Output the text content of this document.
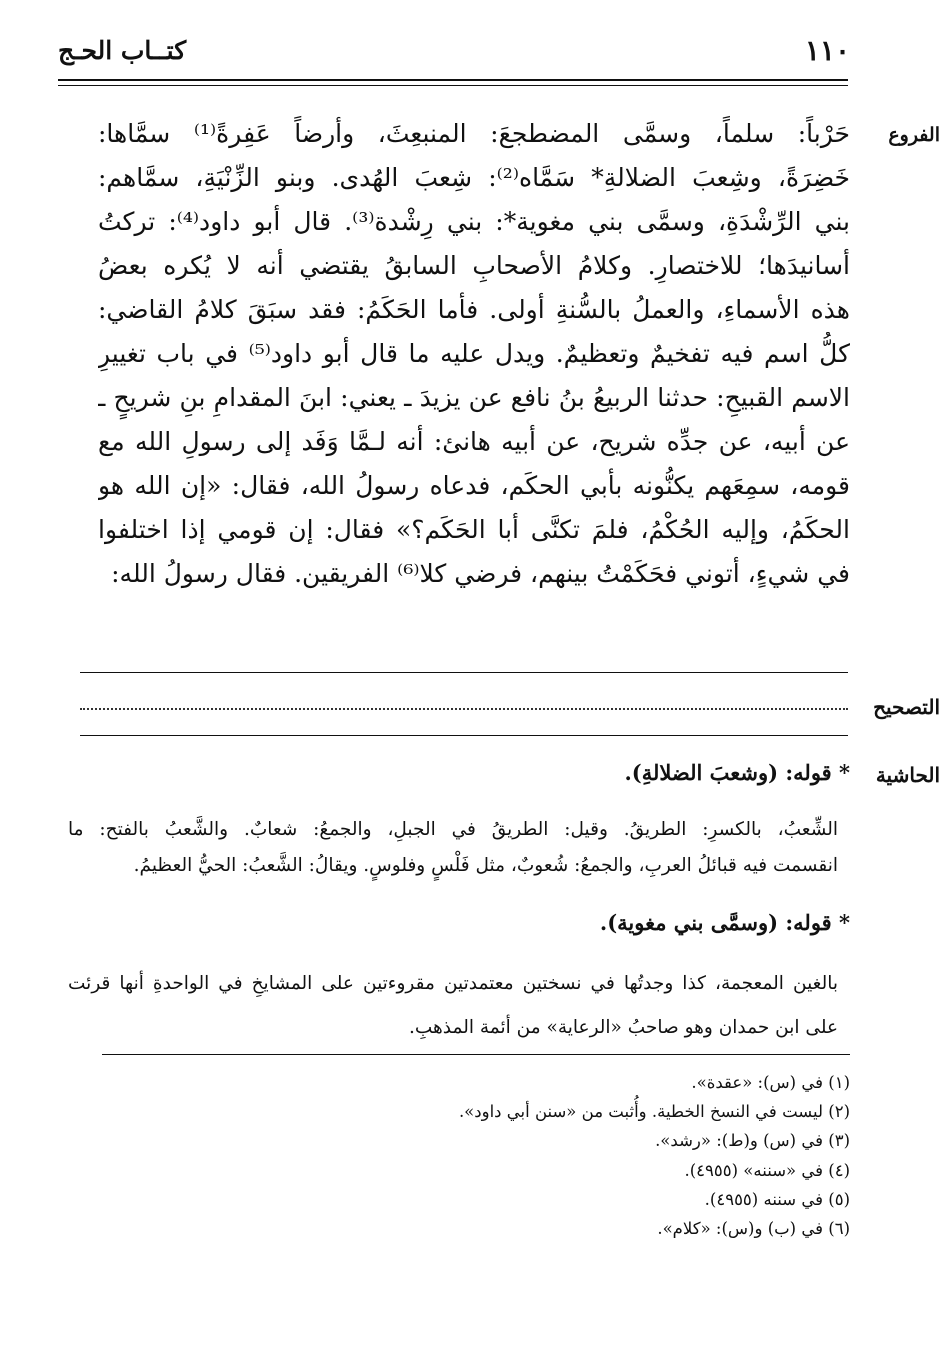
١١٠
كتــاب الحـج
الفروع
حَرْباً: سلماً، وسمَّى المضطجعَ: المنبعِثَ، وأرضاً عَفِرةً⁽¹⁾ سمَّاها:
خَضِرَةً، وشِعبَ الضلالةِ* سَمَّاه⁽²⁾: شِعبَ الهُدى. وبنو الزِّنْيَةِ، سمَّاهم:
بني الرِّشْدَةِ، وسمَّى بني مغوية*: بني رِشْدة⁽³⁾. قال أبو داود⁽⁴⁾: تركتُ
أسانيدَها؛ للاختصارِ. وكلامُ الأصحابِ السابقُ يقتضي أنه لا يُكره بعضُ
هذه الأسماءِ، والعملُ بالسُّنةِ أولى. فأما الحَكَمُ: فقد سبَقَ كلامُ القاضي:
كلُّ اسم فيه تفخيمٌ وتعظيمٌ. ويدل عليه ما قال أبو داود⁽⁵⁾ في باب تغييرِ
الاسم القبيحِ: حدثنا الربيعُ بنُ نافع عن يزيدَ ـ يعني: ابنَ المقدامِ بنِ شريحٍ ـ
عن أبيه، عن جدِّه شريح، عن أبيه هانئ: أنه لـمَّا وَفَد إلى رسولِ الله مع
قومه، سمِعَهم يكنُّونه بأبي الحكَم، فدعاه رسولُ الله، فقال: «إن الله هو
الحكَمُ، وإليه الحُكْمُ، فلمَ تكنَّى أبا الحَكَم؟» فقال: إن قومي إذا اختلفوا
في شيءٍ، أتوني فحَكَمْتُ بينهم، فرضي كلا⁽⁶⁾ الفريقين. فقال رسولُ الله:
التصحيح
الحاشية
* قوله: (وشعبَ الضلالةِ).
الشِّعبُ، بالكسرِ: الطريقُ. وقيل: الطريقُ في الجبلِ، والجمعُ: شعابٌ. والشَّعبُ بالفتح: ما
انقسمت فيه قبائلُ العربِ، والجمعُ: شُعوبٌ، مثل فَلْسٍ وفلوسٍ. ويقالُ: الشَّعبُ: الحيُّ العظيمُ.
* قوله: (وسمَّى بني مغوية).
بالغين المعجمة، كذا وجدتُها في نسختين معتمدتين مقروءتين على المشايخِ في الواحدةِ أنها قرئت
على ابن حمدان وهو صاحبُ «الرعاية» من أئمة المذهبِ.
(١) في (س): «عقدة».
(٢) ليست في النسخ الخطية. وأُثبت من «سنن أبي داود».
(٣) في (س) و(ط): «رشد».
(٤) في «سننه» (٤٩٥٥).
(٥) في سننه (٤٩٥٥).
(٦) في (ب) و(س): «كلام».
